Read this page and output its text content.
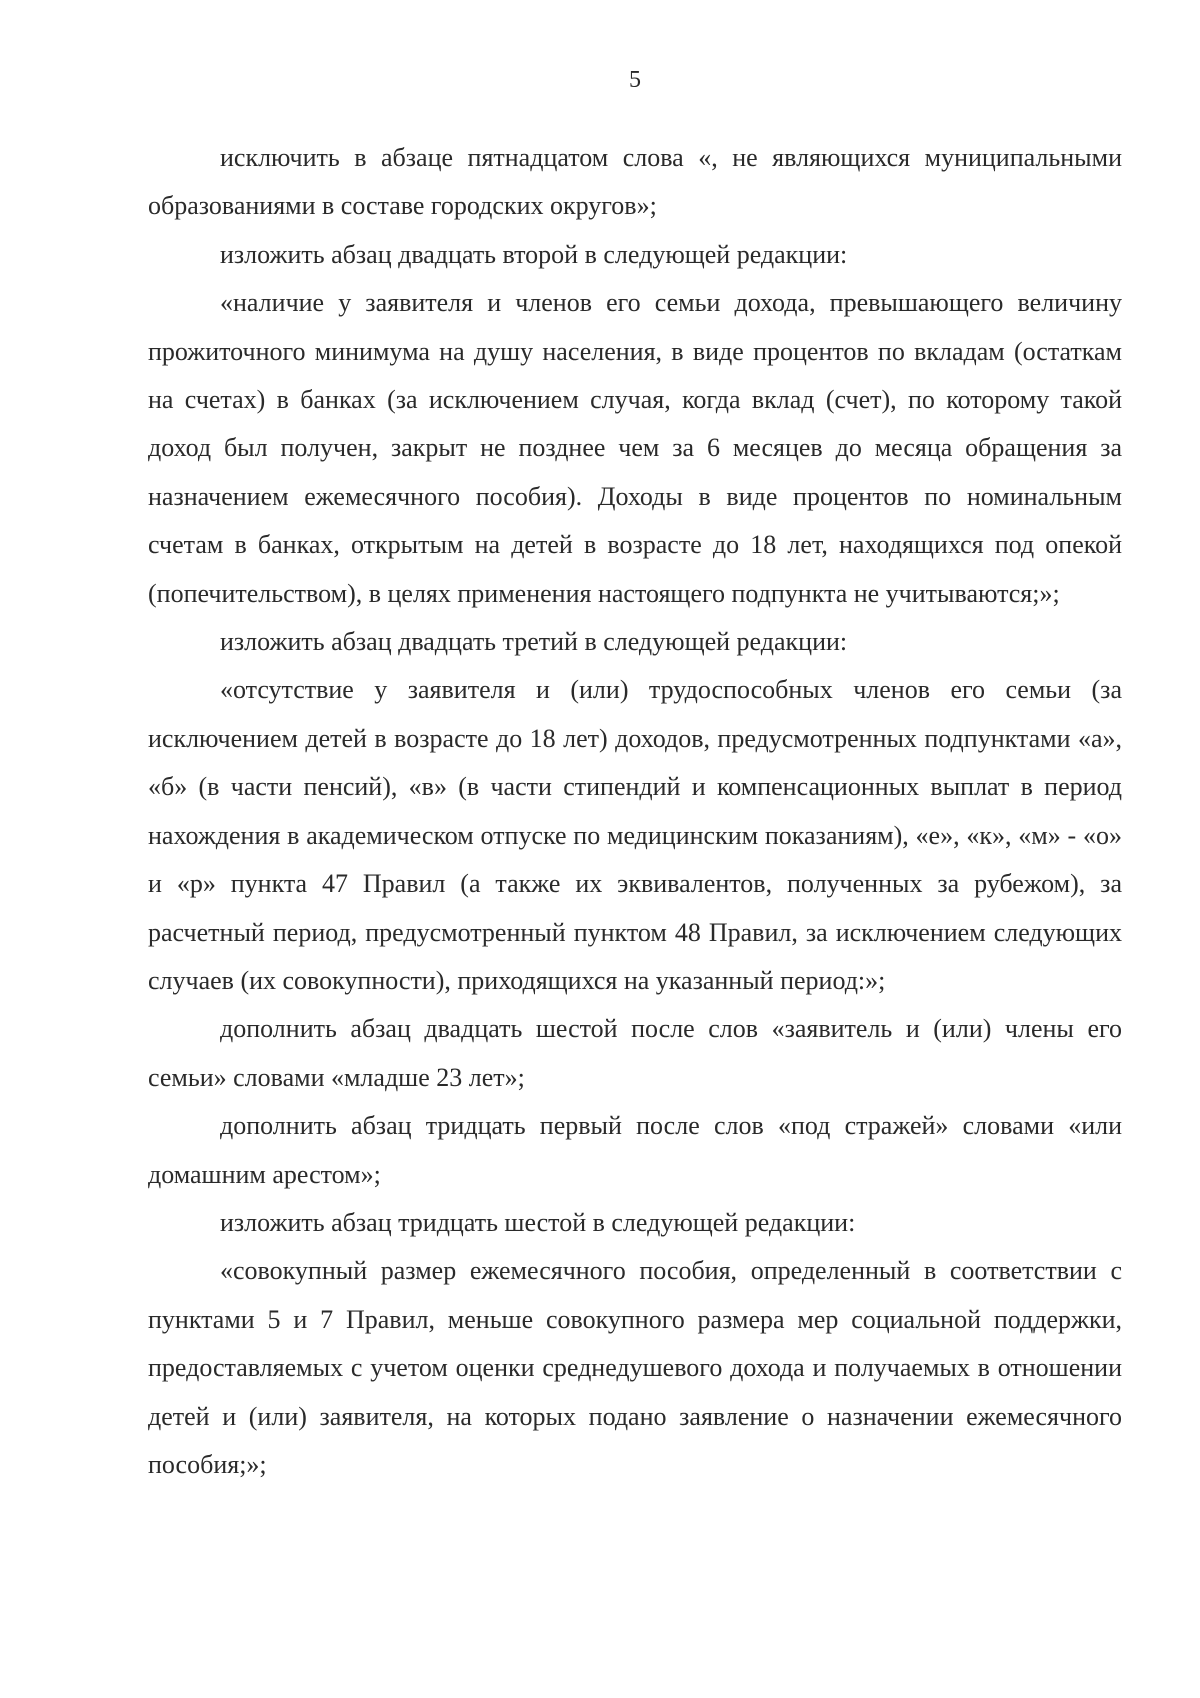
5

исключить в абзаце пятнадцатом слова «, не являющихся муниципальными образованиями в составе городских округов»;

изложить абзац двадцать второй в следующей редакции:

«наличие у заявителя и членов его семьи дохода, превышающего величину прожиточного минимума на душу населения, в виде процентов по вкладам (остаткам на счетах) в банках (за исключением случая, когда вклад (счет), по которому такой доход был получен, закрыт не позднее чем за 6 месяцев до месяца обращения за назначением ежемесячного пособия). Доходы в виде процентов по номинальным счетам в банках, открытым на детей в возрасте до 18 лет, находящихся под опекой (попечительством), в целях применения настоящего подпункта не учитываются;»;

изложить абзац двадцать третий в следующей редакции:

«отсутствие у заявителя и (или) трудоспособных членов его семьи (за исключением детей в возрасте до 18 лет) доходов, предусмотренных подпунктами «а», «б» (в части пенсий), «в» (в части стипендий и компенсационных выплат в период нахождения в академическом отпуске по медицинским показаниям), «е», «к», «м» - «о» и «р» пункта 47 Правил (а также их эквивалентов, полученных за рубежом), за расчетный период, предусмотренный пунктом 48 Правил, за исключением следующих случаев (их совокупности), приходящихся на указанный период:»;

дополнить абзац двадцать шестой после слов «заявитель и (или) члены его семьи» словами «младше 23 лет»;

дополнить абзац тридцать первый после слов «под стражей» словами «или домашним арестом»;

изложить абзац тридцать шестой в следующей редакции:

«совокупный размер ежемесячного пособия, определенный в соответствии с пунктами 5 и 7 Правил, меньше совокупного размера мер социальной поддержки, предоставляемых с учетом оценки среднедушевого дохода и получаемых в отношении детей и (или) заявителя, на которых подано заявление о назначении ежемесячного пособия;»;
